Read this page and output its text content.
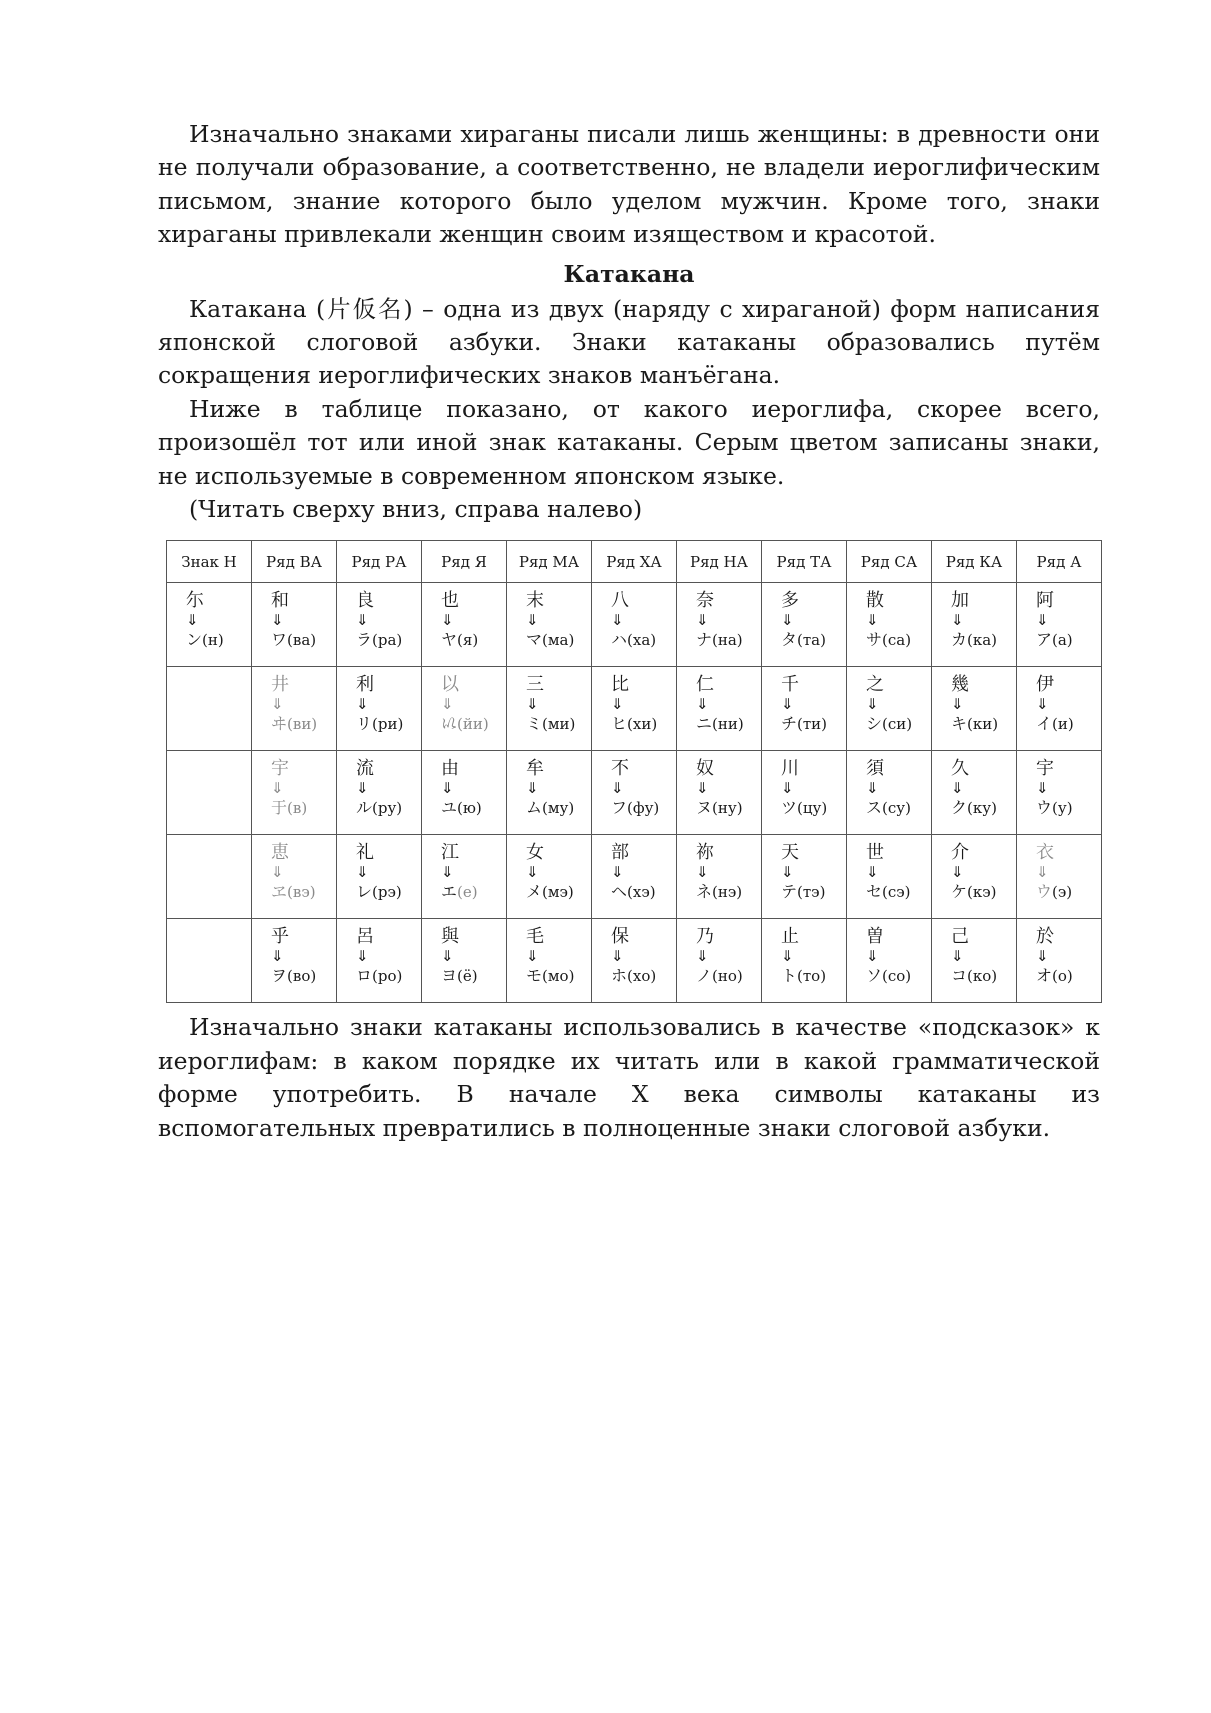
Изначально знаками хираганы писали лишь женщины: в древности они не получали образование, а соответственно, не владели иероглифическим письмом, знание которого было уделом мужчин. Кроме того, знаки хираганы привлекали женщин своим изяществом и красотой.

Катакана

Катакана (片仮名) – одна из двух (наряду с хираганой) форм написания японской слоговой азбуки. Знаки катаканы образовались путём сокращения иероглифических знаков манъёгана.

Ниже в таблице показано, от какого иероглифа, скорее всего, произошёл тот или иной знак катаканы. Серым цветом записаны знаки, не используемые в современном японском языке.

(Читать сверху вниз, справа налево)

Знак Н	Ряд ВА	Ряд РА	Ряд Я	Ряд МА	Ряд ХА	Ряд НА	Ряд ТА	Ряд СА	Ряд КА	Ряд А

尓
⇓
ン(н)	和
⇓
ワ(ва)	良
⇓
ラ(ра)	也
⇓
ヤ(я)	末
⇓
マ(ма)	八
⇓
ハ(ха)	奈
⇓
ナ(на)	多
⇓
タ(та)	散
⇓
サ(са)	加
⇓
カ(ка)	阿
⇓
ア(а)

	井
⇓
ヰ(ви)	利
⇓
リ(ри)	以
⇓
𛀆(йи)	三
⇓
ミ(ми)	比
⇓
ヒ(хи)	仁
⇓
ニ(ни)	千
⇓
チ(ти)	之
⇓
シ(си)	幾
⇓
キ(ки)	伊
⇓
イ(и)

	宇
⇓
于(в)	流
⇓
ル(ру)	由
⇓
ユ(ю)	牟
⇓
ム(му)	不
⇓
フ(фу)	奴
⇓
ヌ(ну)	川
⇓
ツ(цу)	須
⇓
ス(су)	久
⇓
ク(ку)	宇
⇓
ウ(у)

	恵
⇓
ヱ(вэ)	礼
⇓
レ(рэ)	江
⇓
エ(е)	女
⇓
メ(мэ)	部
⇓
ヘ(хэ)	祢
⇓
ネ(нэ)	天
⇓
テ(тэ)	世
⇓
セ(сэ)	介
⇓
ケ(кэ)	衣
⇓
ウ(э)

	乎
⇓
ヲ(во)	呂
⇓
ロ(ро)	與
⇓
ヨ(ё)	毛
⇓
モ(мо)	保
⇓
ホ(хо)	乃
⇓
ノ(но)	止
⇓
ト(то)	曽
⇓
ソ(со)	己
⇓
コ(ко)	於
⇓
オ(о)

Изначально знаки катаканы использовались в качестве «подсказок» к иероглифам: в каком порядке их читать или в какой грамматической форме употребить. В начале X века символы катаканы из вспомогательных превратились в полноценные знаки слоговой азбуки.
